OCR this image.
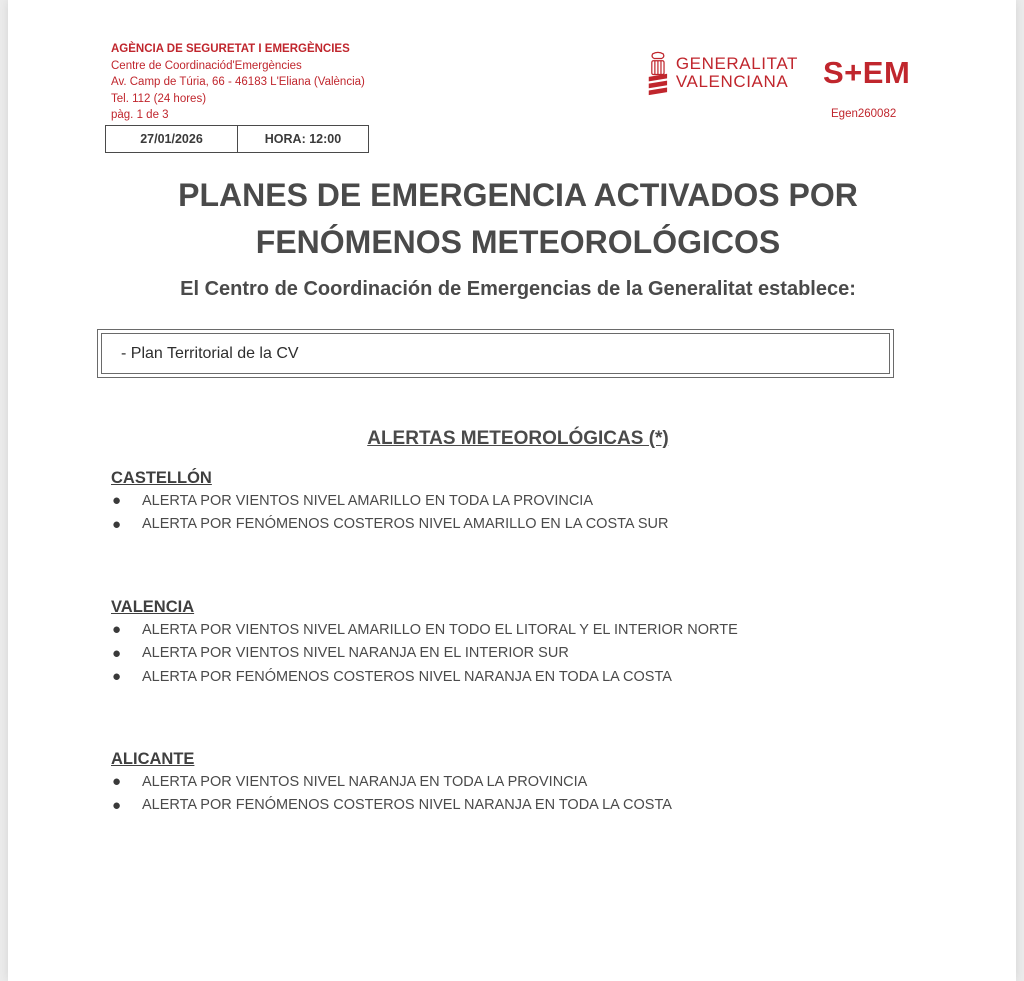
AGÈNCIA DE SEGURETAT I EMERGÈNCIES
Centre de Coordinaciód'Emergències
Av. Camp de Túria, 66 - 46183 L'Eliana (València)
Tel. 112 (24 hores)
pàg. 1 de 3
27/01/2026	HORA: 12:00
GENERALITAT
VALENCIANA	S+EM
Egen260082
PLANES DE EMERGENCIA ACTIVADOS POR
FENÓMENOS METEOROLÓGICOS
El Centro de Coordinación de Emergencias de la Generalitat establece:
- Plan Territorial de la CV
ALERTAS METEOROLÓGICAS (*)
CASTELLÓN
●	ALERTA POR VIENTOS NIVEL AMARILLO EN TODA LA PROVINCIA
●	ALERTA POR FENÓMENOS COSTEROS NIVEL AMARILLO EN LA COSTA SUR
VALENCIA
●	ALERTA POR VIENTOS NIVEL AMARILLO EN TODO EL LITORAL Y EL INTERIOR NORTE
●	ALERTA POR VIENTOS NIVEL NARANJA EN EL INTERIOR SUR
●	ALERTA POR FENÓMENOS COSTEROS NIVEL NARANJA EN TODA LA COSTA
ALICANTE
●	ALERTA POR VIENTOS NIVEL NARANJA EN TODA LA PROVINCIA
●	ALERTA POR FENÓMENOS COSTEROS NIVEL NARANJA EN TODA LA COSTA
